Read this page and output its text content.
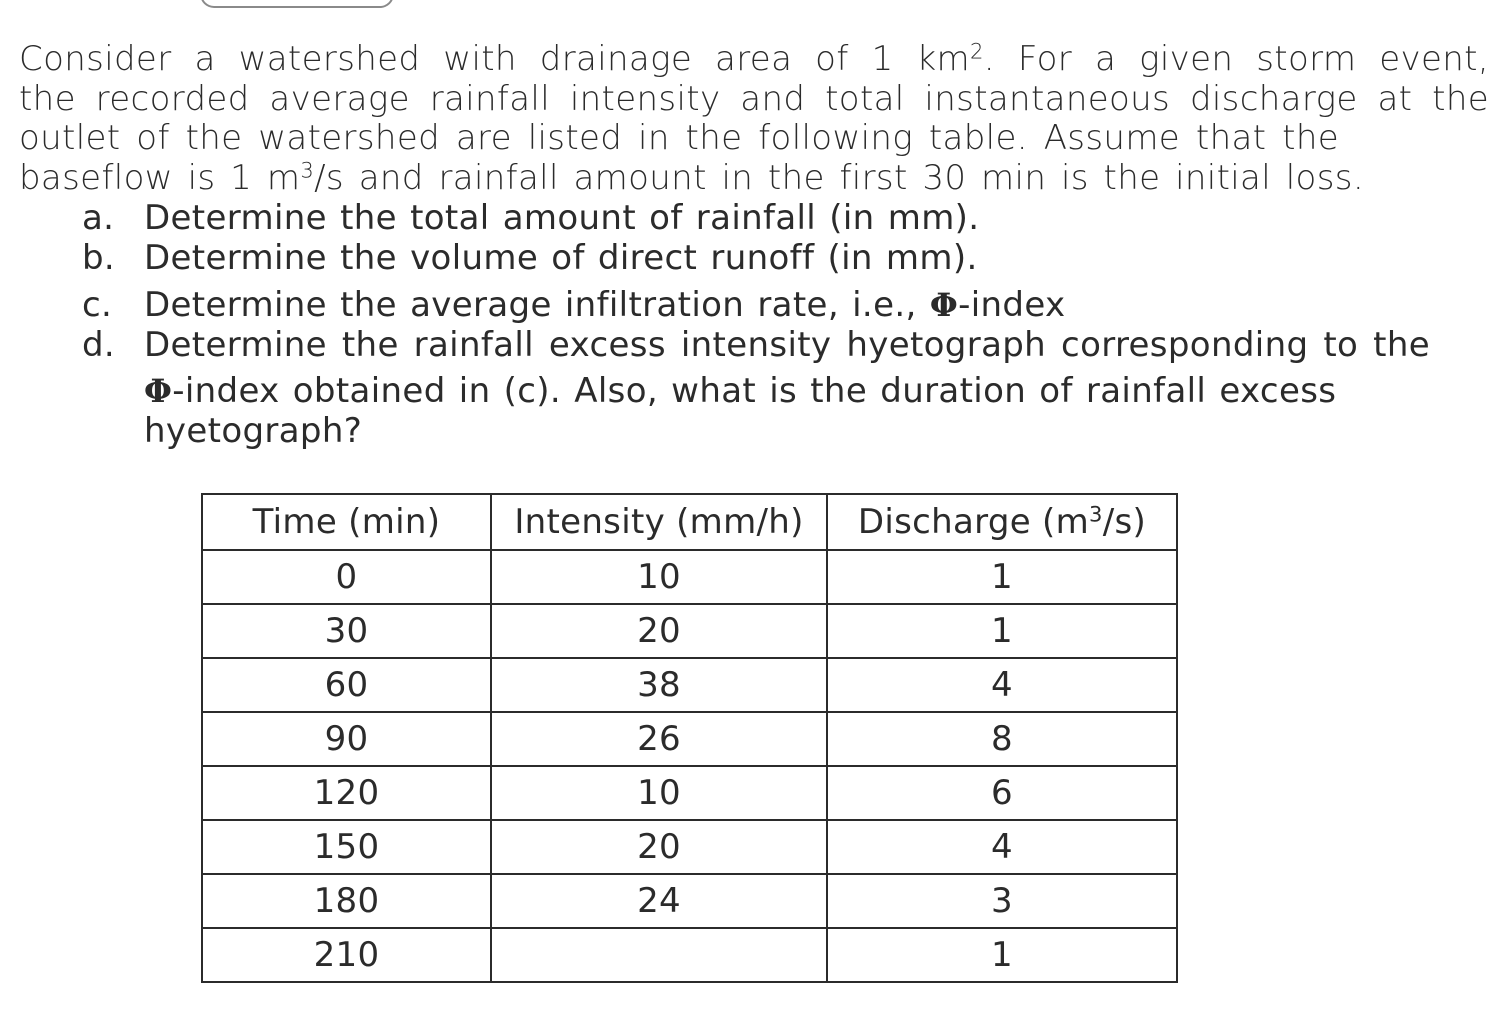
Consider a watershed with drainage area of 1 $km^2$. For a given storm event,
the recorded average rainfall intensity and total instantaneous discharge at the
outlet of the watershed are listed in the following table. Assume that the
baseflow is 1 $m^3/s$ and rainfall amount in the first 30 min is the initial loss.

a. Determine the total amount of rainfall (in mm).
b. Determine the volume of direct runoff (in mm).
c. Determine the average infiltration rate, i.e., Φ-index
d. Determine the rainfall excess intensity hyetograph corresponding to the
Φ-index obtained in (c). Also, what is the duration of rainfall excess
hyetograph?
Time (min)	Intensity (mm/h)	Discharge $(m^3/s)$
0	10	1
30	20	1
60	38	4
90	26	8
120	10	6
150	20	4
180	24	3
210		1
